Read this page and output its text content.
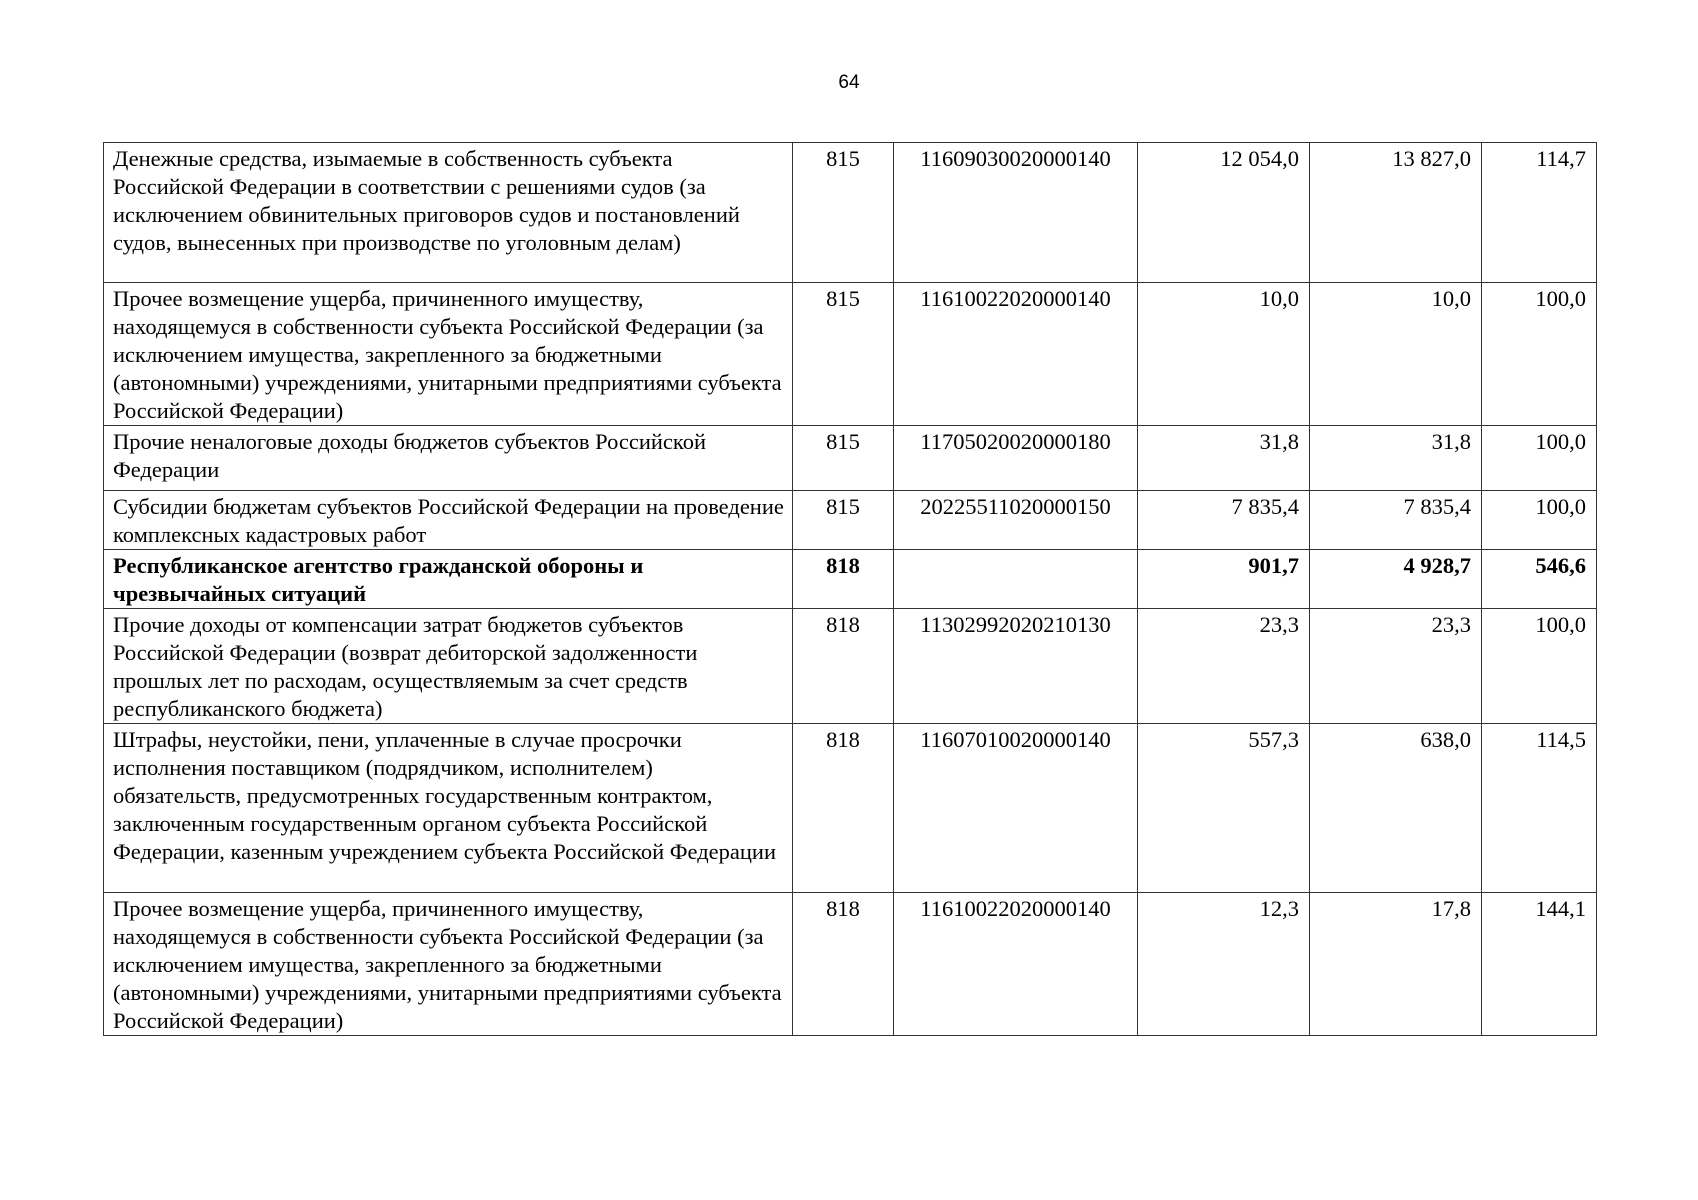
64
Денежные средства, изымаемые в собственность субъекта Российской Федерации в соответствии с решениями судов (за исключением обвинительных приговоров судов и постановлений судов, вынесенных при производстве по уголовным делам)	815	11609030020000140	12 054,0	13 827,0	114,7
Прочее возмещение ущерба, причиненного имуществу, находящемуся в собственности субъекта Российской Федерации (за исключением имущества, закрепленного за бюджетными (автономными) учреждениями, унитарными предприятиями субъекта Российской Федерации)	815	11610022020000140	10,0	10,0	100,0
Прочие неналоговые доходы бюджетов субъектов Российской Федерации	815	11705020020000180	31,8	31,8	100,0
Субсидии бюджетам субъектов Российской Федерации на проведение комплексных кадастровых работ	815	20225511020000150	7 835,4	7 835,4	100,0
Республиканское агентство гражданской обороны и чрезвычайных ситуаций	818		901,7	4 928,7	546,6
Прочие доходы от компенсации затрат бюджетов субъектов Российской Федерации (возврат дебиторской задолженности прошлых лет по расходам, осуществляемым за счет средств республиканского бюджета)	818	11302992020210130	23,3	23,3	100,0
Штрафы, неустойки, пени, уплаченные в случае просрочки исполнения поставщиком (подрядчиком, исполнителем) обязательств, предусмотренных государственным контрактом, заключенным государственным органом субъекта Российской Федерации, казенным учреждением субъекта Российской Федерации	818	11607010020000140	557,3	638,0	114,5
Прочее возмещение ущерба, причиненного имуществу, находящемуся в собственности субъекта Российской Федерации (за исключением имущества, закрепленного за бюджетными (автономными) учреждениями, унитарными предприятиями субъекта Российской Федерации)	818	11610022020000140	12,3	17,8	144,1
